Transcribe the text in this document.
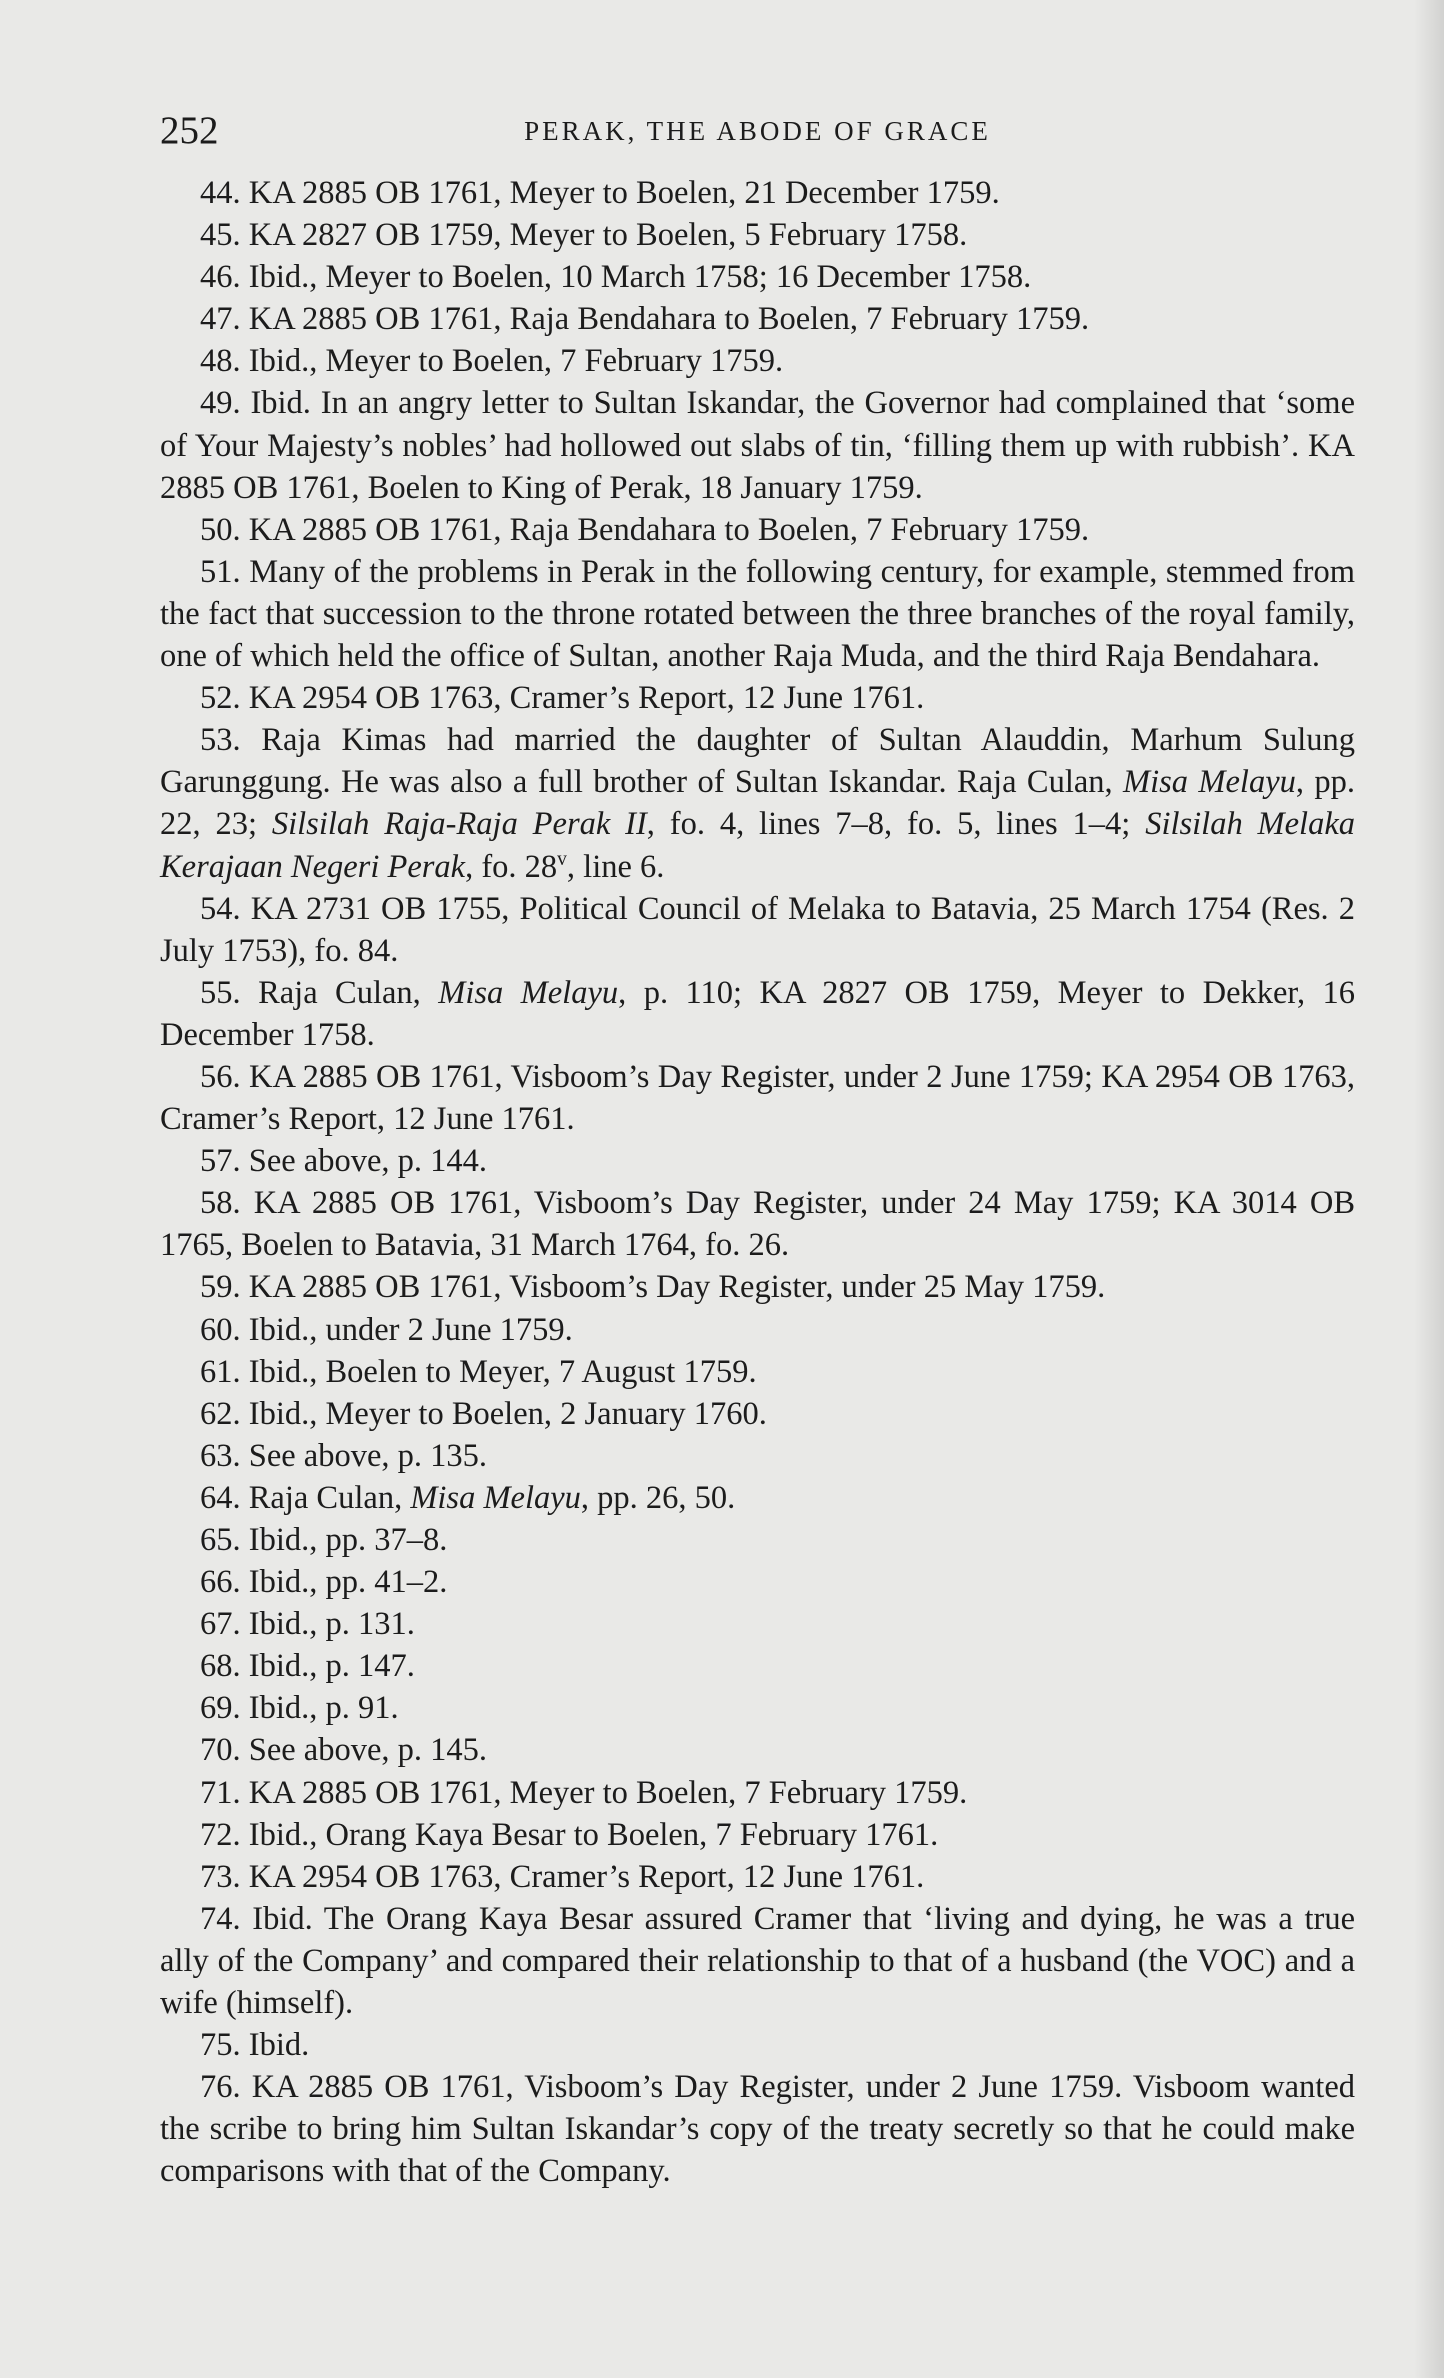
252	PERAK, THE ABODE OF GRACE

44. KA 2885 OB 1761, Meyer to Boelen, 21 December 1759.

45. KA 2827 OB 1759, Meyer to Boelen, 5 February 1758.

46. Ibid., Meyer to Boelen, 10 March 1758; 16 December 1758.

47. KA 2885 OB 1761, Raja Bendahara to Boelen, 7 February 1759.

48. Ibid., Meyer to Boelen, 7 February 1759.

49. Ibid. In an angry letter to Sultan Iskandar, the Governor had complained that ‘some of Your Majesty’s nobles’ had hollowed out slabs of tin, ‘filling them up with rubbish’. KA 2885 OB 1761, Boelen to King of Perak, 18 January 1759.

50. KA 2885 OB 1761, Raja Bendahara to Boelen, 7 February 1759.

51. Many of the problems in Perak in the following century, for example, stemmed from the fact that succession to the throne rotated between the three branches of the royal family, one of which held the office of Sultan, another Raja Muda, and the third Raja Bendahara.

52. KA 2954 OB 1763, Cramer’s Report, 12 June 1761.

53. Raja Kimas had married the daughter of Sultan Alauddin, Marhum Sulung Garunggung. He was also a full brother of Sultan Iskandar. Raja Culan, Misa Melayu, pp. 22, 23; Silsilah Raja-Raja Perak II, fo. 4, lines 7–8, fo. 5, lines 1–4; Silsilah Melaka Kerajaan Negeri Perak, fo. 28$^v$, line 6.

54. KA 2731 OB 1755, Political Council of Melaka to Batavia, 25 March 1754 (Res. 2 July 1753), fo. 84.

55. Raja Culan, Misa Melayu, p. 110; KA 2827 OB 1759, Meyer to Dekker, 16 December 1758.

56. KA 2885 OB 1761, Visboom’s Day Register, under 2 June 1759; KA 2954 OB 1763, Cramer’s Report, 12 June 1761.

57. See above, p. 144.

58. KA 2885 OB 1761, Visboom’s Day Register, under 24 May 1759; KA 3014 OB 1765, Boelen to Batavia, 31 March 1764, fo. 26.

59. KA 2885 OB 1761, Visboom’s Day Register, under 25 May 1759.

60. Ibid., under 2 June 1759.

61. Ibid., Boelen to Meyer, 7 August 1759.

62. Ibid., Meyer to Boelen, 2 January 1760.

63. See above, p. 135.

64. Raja Culan, Misa Melayu, pp. 26, 50.

65. Ibid., pp. 37–8.

66. Ibid., pp. 41–2.

67. Ibid., p. 131.

68. Ibid., p. 147.

69. Ibid., p. 91.

70. See above, p. 145.

71. KA 2885 OB 1761, Meyer to Boelen, 7 February 1759.

72. Ibid., Orang Kaya Besar to Boelen, 7 February 1761.

73. KA 2954 OB 1763, Cramer’s Report, 12 June 1761.

74. Ibid. The Orang Kaya Besar assured Cramer that ‘living and dying, he was a true ally of the Company’ and compared their relationship to that of a husband (the VOC) and a wife (himself).

75. Ibid.

76. KA 2885 OB 1761, Visboom’s Day Register, under 2 June 1759. Visboom wanted the scribe to bring him Sultan Iskandar’s copy of the treaty secretly so that he could make comparisons with that of the Company.
